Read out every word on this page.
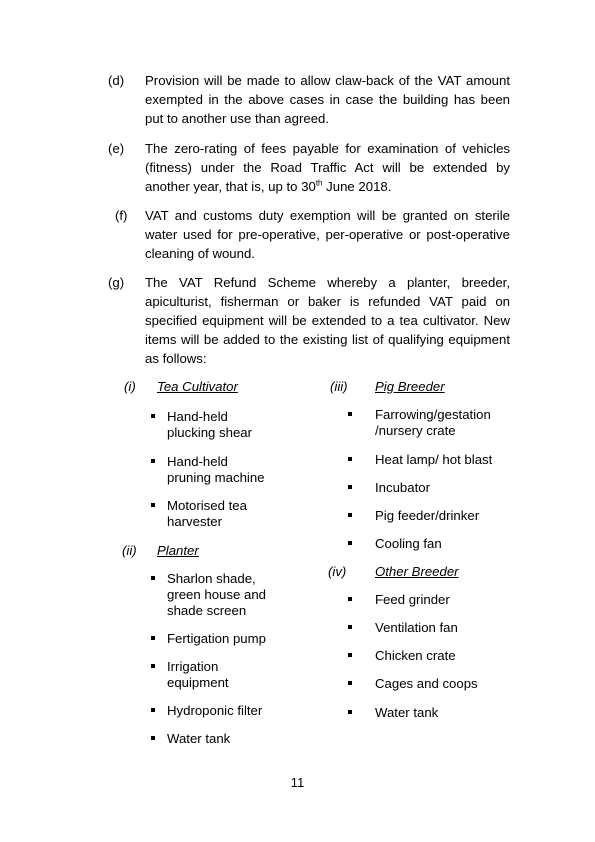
(d) Provision will be made to allow claw-back of the VAT amount exempted in the above cases in case the building has been put to another use than agreed.
(e) The zero-rating of fees payable for examination of vehicles (fitness) under the Road Traffic Act will be extended by another year, that is, up to 30th June 2018.
(f) VAT and customs duty exemption will be granted on sterile water used for pre-operative, per-operative or post-operative cleaning of wound.
(g) The VAT Refund Scheme whereby a planter, breeder, apiculturist, fisherman or baker is refunded VAT paid on specified equipment will be extended to a tea cultivator. New items will be added to the existing list of qualifying equipment as follows:
(i) Tea Cultivator
Hand-held
plucking shear
Hand-held
pruning machine
Motorised tea
harvester
(ii) Planter
Sharlon shade,
green house and
shade screen
Fertigation pump
Irrigation
equipment
Hydroponic filter
Water tank
(iii) Pig Breeder
Farrowing/gestation
/nursery crate
Heat lamp/ hot blast
Incubator
Pig feeder/drinker
Cooling fan
(iv) Other Breeder
Feed grinder
Ventilation fan
Chicken crate
Cages and coops
Water tank
11
